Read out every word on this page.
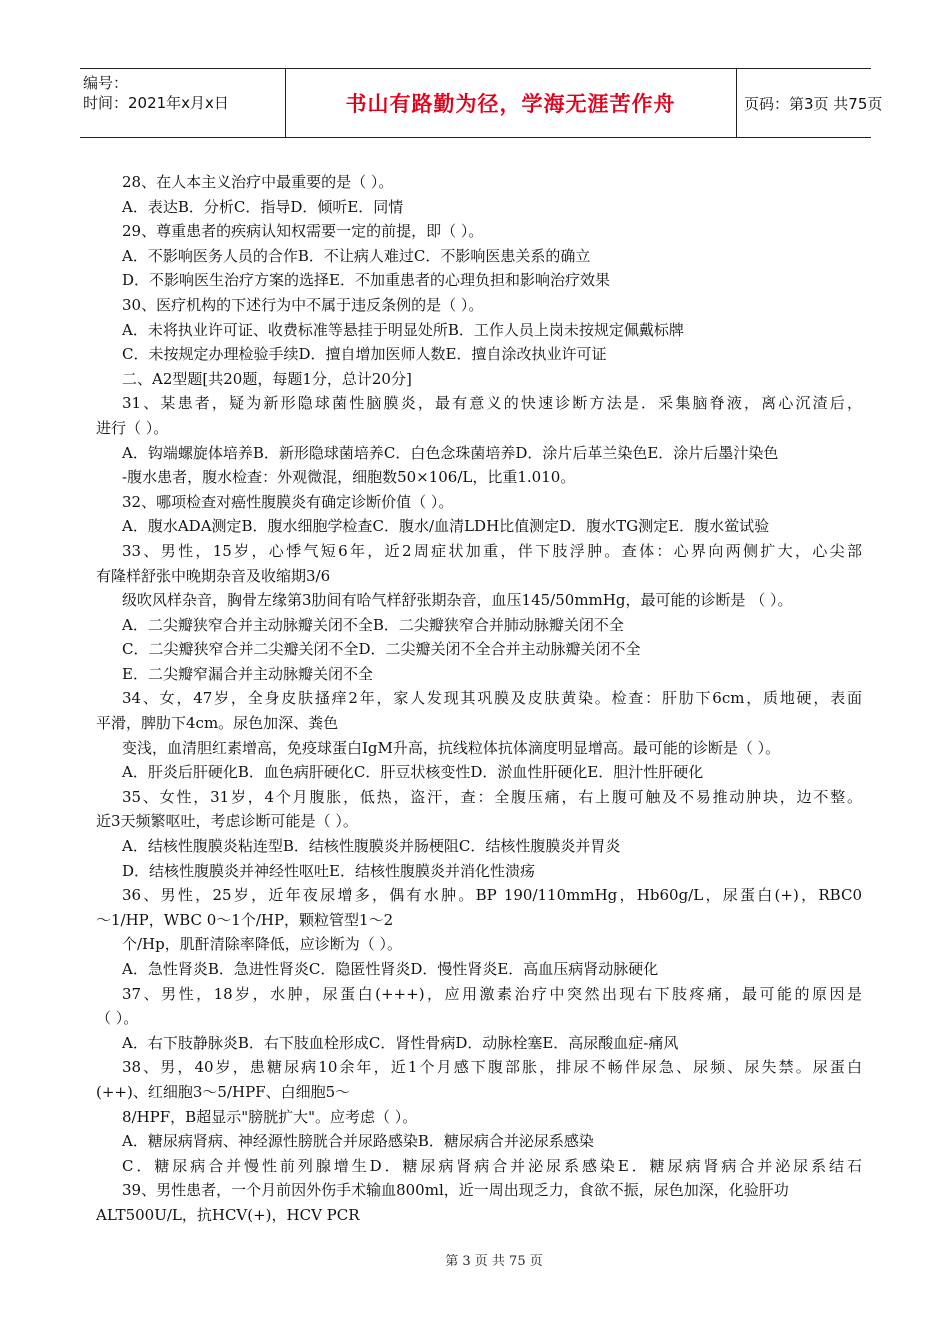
编号：
时间：2021年x月x日	书山有路勤为径，学海无涯苦作舟	页码：第3页 共75页
28、在人本主义治疗中最重要的是（ ）。
A．表达B．分析C．指导D．倾听E．同情
29、尊重患者的疾病认知权需要一定的前提，即（ ）。
A．不影响医务人员的合作B．不让病人难过C．不影响医患关系的确立
D．不影响医生治疗方案的选择E．不加重患者的心理负担和影响治疗效果
30、医疗机构的下述行为中不属于违反条例的是（ ）。
A．未将执业许可证、收费标准等悬挂于明显处所B．工作人员上岗未按规定佩戴标牌
C．未按规定办理检验手续D．擅自增加医师人数E．擅自涂改执业许可证
二、A2型题[共20题，每题1分，总计20分]
31、某患者，疑为新形隐球菌性脑膜炎，最有意义的快速诊断方法是．采集脑脊液，离心沉渣后，
进行（ ）。
A．钩端螺旋体培养B．新形隐球菌培养C．白色念珠菌培养D．涂片后革兰染色E．涂片后墨汁染色
-腹水患者，腹水检查：外观微混，细胞数50×106/L，比重1.010。
32、哪项检查对癌性腹膜炎有确定诊断价值（ ）。
A．腹水ADA测定B．腹水细胞学检查C．腹水/血清LDH比值测定D．腹水TG测定E．腹水鲎试验
33、男性，15岁，心悸气短6年，近2周症状加重，伴下肢浮肿。查体：心界向两侧扩大，心尖部
有隆样舒张中晚期杂音及收缩期3/6
级吹风样杂音，胸骨左缘第3肋间有哈气样舒张期杂音，血压145/50mmHg，最可能的诊断是 （ ）。
A．二尖瓣狭窄合并主动脉瓣关闭不全B．二尖瓣狭窄合并肺动脉瓣关闭不全
C．二尖瓣狭窄合并二尖瓣关闭不全D．二尖瓣关闭不全合并主动脉瓣关闭不全
E．二尖瓣窄漏合并主动脉瓣关闭不全
34、女，47岁，全身皮肤搔痒2年，家人发现其巩膜及皮肤黄染。检查：肝肋下6cm，质地硬，表面
平滑，脾肋下4cm。尿色加深、粪色
变浅，血清胆红素增高，免疫球蛋白IgM升高，抗线粒体抗体滴度明显增高。最可能的诊断是（ ）。
A．肝炎后肝硬化B．血色病肝硬化C．肝豆状核变性D．淤血性肝硬化E．胆汁性肝硬化
35、女性，31岁，4个月腹胀，低热，盗汗，查：全腹压痛，右上腹可触及不易推动肿块，边不整。
近3天频繁呕吐，考虑诊断可能是（ ）。
A．结核性腹膜炎粘连型B．结核性腹膜炎并肠梗阻C．结核性腹膜炎并胃炎
D．结核性腹膜炎并神经性呕吐E．结核性腹膜炎并消化性溃疡
36、男性，25岁，近年夜尿增多，偶有水肿。BP 190/110mmHg，Hb60g/L，尿蛋白(+)，RBC0
～1/HP，WBC 0～1个/HP，颗粒管型1～2
个/Hp，肌酐清除率降低，应诊断为（ ）。
A．急性肾炎B．急进性肾炎C．隐匿性肾炎D．慢性肾炎E．高血压病肾动脉硬化
37、男性，18岁，水肿，尿蛋白(+++)，应用激素治疗中突然出现右下肢疼痛，最可能的原因是
（ ）。
A．右下肢静脉炎B．右下肢血栓形成C．肾性骨病D．动脉栓塞E．高尿酸血症-痛风
38、男，40岁，患糖尿病10余年，近1个月感下腹部胀，排尿不畅伴尿急、尿频、尿失禁。尿蛋白
(++)、红细胞3～5/HPF、白细胞5～
8/HPF，B超显示"膀胱扩大"。应考虑（ ）。
A．糖尿病肾病、神经源性膀胱合并尿路感染B．糖尿病合并泌尿系感染
C．糖尿病合并慢性前列腺增生D．糖尿病肾病合并泌尿系感染E．糖尿病肾病合并泌尿系结石
39、男性患者，一个月前因外伤手术输血800ml，近一周出现乏力，食欲不振，尿色加深，化验肝功
ALT500U/L，抗HCV(+)，HCV PCR
第 3 页 共 75 页
